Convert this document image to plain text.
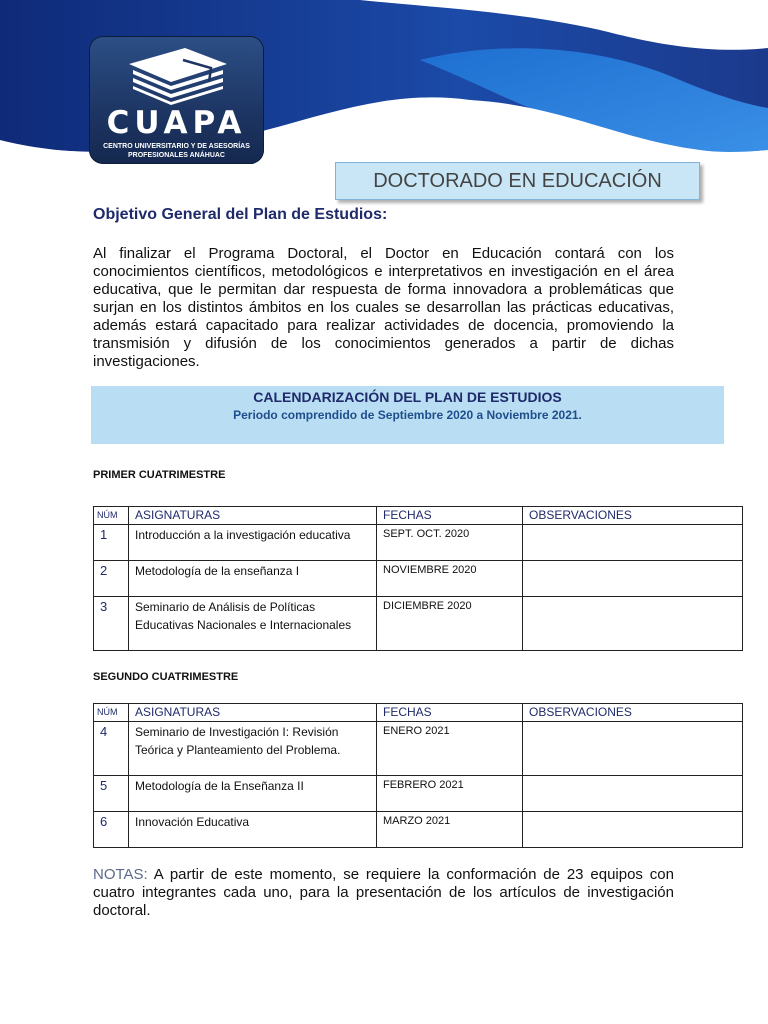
CUAPA
CENTRO UNIVERSITARIO Y DE ASESORÍAS PROFESIONALES ANÁHUAC
DOCTORADO EN EDUCACIÓN
Objetivo General del Plan de Estudios:

Al finalizar el Programa Doctoral, el Doctor en Educación contará con los conocimientos científicos, metodológicos e interpretativos en investigación en el área educativa, que le permitan dar respuesta de forma innovadora a problemáticas que surjan en los distintos ámbitos en los cuales se desarrollan las prácticas educativas, además estará capacitado para realizar actividades de docencia, promoviendo la transmisión y difusión de los conocimientos generados a partir de dichas investigaciones.

CALENDARIZACIÓN DEL PLAN DE ESTUDIOS
Periodo comprendido de Septiembre 2020 a Noviembre 2021.
PRIMER CUATRIMESTRE
NÚM	ASIGNATURAS	FECHAS	OBSERVACIONES
1	Introducción a la investigación educativa	SEPT. OCT. 2020	
2	Metodología de la enseñanza I	NOVIEMBRE 2020	
3	Seminario de Análisis de Políticas Educativas Nacionales e Internacionales	DICIEMBRE 2020	
SEGUNDO CUATRIMESTRE
NÚM	ASIGNATURAS	FECHAS	OBSERVACIONES
4	Seminario de Investigación I: Revisión Teórica y Planteamiento del Problema.	ENERO 2021	
5	Metodología de la Enseñanza II	FEBRERO 2021	
6	Innovación Educativa	MARZO 2021	

NOTAS: A partir de este momento, se requiere la conformación de 23 equipos con cuatro integrantes cada uno, para la presentación de los artículos de investigación doctoral.
